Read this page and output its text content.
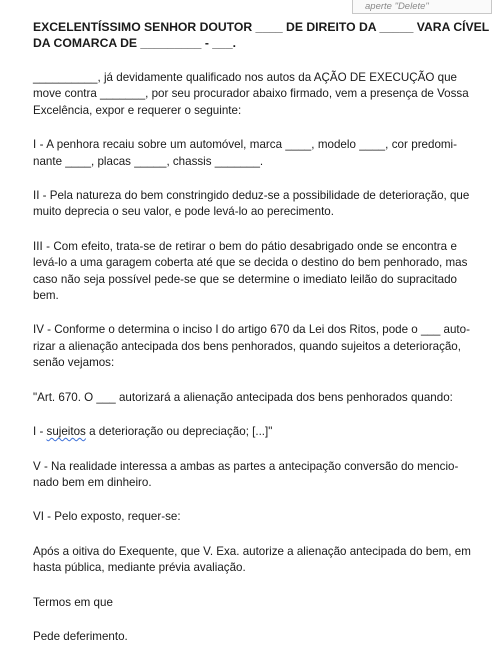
aperte "Delete"
EXCELENTÍSSIMO SENHOR DOUTOR ____ DE DIREITO DA _____ VARA CÍVEL
DA COMARCA DE _________ - ___.
__________, já devidamente qualificado nos autos da AÇÃO DE EXECUÇÃO que
move contra _______, por seu procurador abaixo firmado, vem a presença de Vossa
Excelência, expor e requerer o seguinte:
I - A penhora recaiu sobre um automóvel, marca ____, modelo ____, cor predomi-
nante ____, placas _____, chassis _______.
II - Pela natureza do bem constringido deduz-se a possibilidade de deterioração, que
muito deprecia o seu valor, e pode levá-lo ao perecimento.
III - Com efeito, trata-se de retirar o bem do pátio desabrigado onde se encontra e
levá-lo a uma garagem coberta até que se decida o destino do bem penhorado, mas
caso não seja possível pede-se que se determine o imediato leilão do supracitado
bem.
IV - Conforme o determina o inciso I do artigo 670 da Lei dos Ritos, pode o ___ auto-
rizar a alienação antecipada dos bens penhorados, quando sujeitos a deterioração,
senão vejamos:
"Art. 670. O ___ autorizará a alienação antecipada dos bens penhorados quando:
I - sujeitos a deterioração ou depreciação; [...]"
V - Na realidade interessa a ambas as partes a antecipação conversão do mencio-
nado bem em dinheiro.
VI - Pelo exposto, requer-se:
Após a oitiva do Exequente, que V. Exa. autorize a alienação antecipada do bem, em
hasta pública, mediante prévia avaliação.
Termos em que
Pede deferimento.
